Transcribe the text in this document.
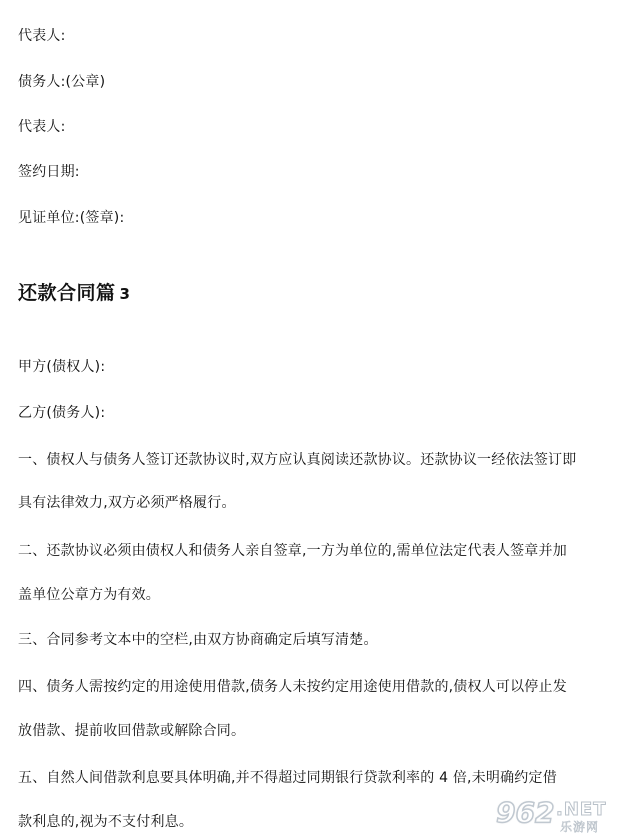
代表人:
债务人:(公章)
代表人:
签约日期:
见证单位:(签章):
还款合同篇 3
甲方(债权人):
乙方(债务人):
一、债权人与债务人签订还款协议时,双方应认真阅读还款协议。还款协议一经依法签订即
具有法律效力,双方必须严格履行。
二、还款协议必须由债权人和债务人亲自签章,一方为单位的,需单位法定代表人签章并加
盖单位公章方为有效。
三、合同参考文本中的空栏,由双方协商确定后填写清楚。
四、债务人需按约定的用途使用借款,债务人未按约定用途使用借款的,债权人可以停止发
放借款、提前收回借款或解除合同。
五、自然人间借款利息要具体明确,并不得超过同期银行贷款利率的 4 倍,未明确约定借
款利息的,视为不支付利息。	962 .NET
乐游网
